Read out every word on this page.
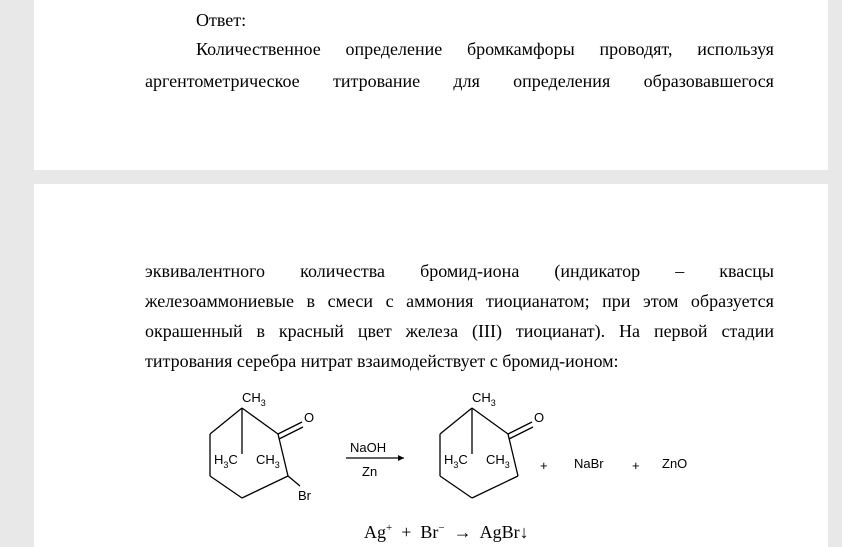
Ответ:
Количественное определение бромкамфоры проводят, используя
аргентометрическое титрование для определения образовавшегося
эквивалентного количества бромид-иона (индикатор – квасцы
железоаммониевые в смеси с аммония тиоцианатом; при этом образуется
окрашенный в красный цвет железа (III) тиоцианат). На первой стадии
титрования серебра нитрат взаимодействует с бромид-ионом:
$CH_3$
O
$H_3C$ $CH_3$
Br
NaOH
Zn
$CH_3$
O
$H_3C$ $CH_3$ + NaBr + ZnO
Ag+ + Br− → AgBr↓
